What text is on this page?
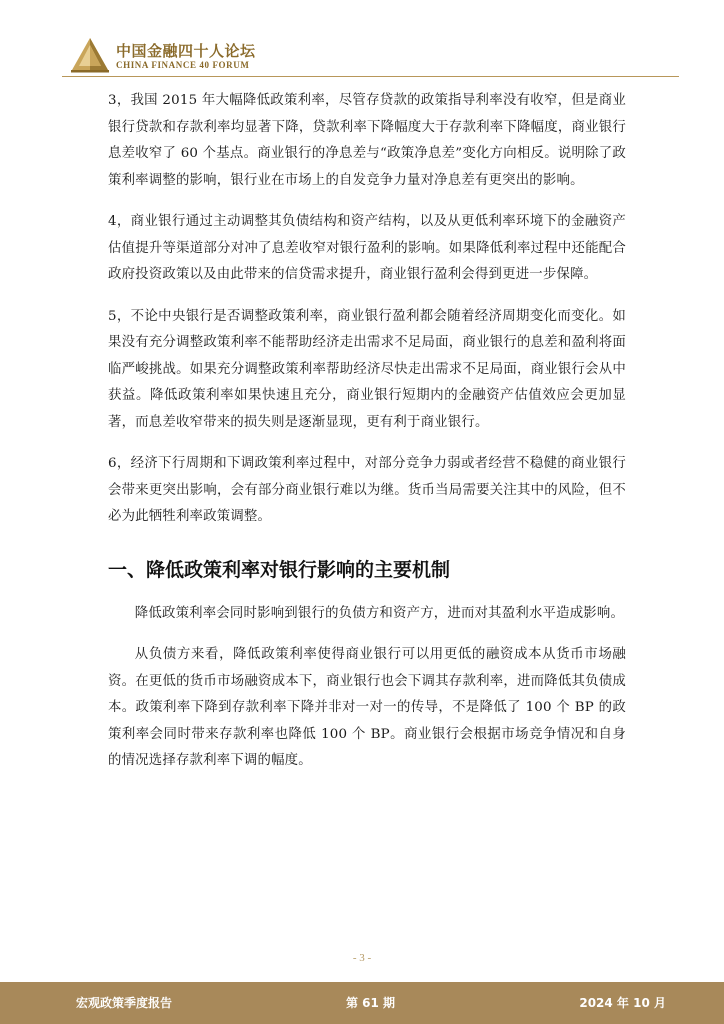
中国金融四十人论坛
CHINA FINANCE 40 FORUM

3，我国 2015 年大幅降低政策利率，尽管存贷款的政策指导利率没有收窄，但是商业银行贷款和存款利率均显著下降，贷款利率下降幅度大于存款利率下降幅度，商业银行息差收窄了 60 个基点。商业银行的净息差与“政策净息差”变化方向相反。说明除了政策利率调整的影响，银行业在市场上的自发竞争力量对净息差有更突出的影响。

4，商业银行通过主动调整其负债结构和资产结构，以及从更低利率环境下的金融资产估值提升等渠道部分对冲了息差收窄对银行盈利的影响。如果降低利率过程中还能配合政府投资政策以及由此带来的信贷需求提升，商业银行盈利会得到更进一步保障。

5，不论中央银行是否调整政策利率，商业银行盈利都会随着经济周期变化而变化。如果没有充分调整政策利率不能帮助经济走出需求不足局面，商业银行的息差和盈利将面临严峻挑战。如果充分调整政策利率帮助经济尽快走出需求不足局面，商业银行会从中获益。降低政策利率如果快速且充分，商业银行短期内的金融资产估值效应会更加显著，而息差收窄带来的损失则是逐渐显现，更有利于商业银行。

6，经济下行周期和下调政策利率过程中，对部分竞争力弱或者经营不稳健的商业银行会带来更突出影响，会有部分商业银行难以为继。货币当局需要关注其中的风险，但不必为此牺牲利率政策调整。

一、降低政策利率对银行影响的主要机制

降低政策利率会同时影响到银行的负债方和资产方，进而对其盈利水平造成影响。

从负债方来看，降低政策利率使得商业银行可以用更低的融资成本从货币市场融资。在更低的货币市场融资成本下，商业银行也会下调其存款利率，进而降低其负债成本。政策利率下降到存款利率下降并非对一对一的传导，不是降低了 100 个 BP 的政策利率会同时带来存款利率也降低 100 个 BP。商业银行会根据市场竞争情况和自身的情况选择存款利率下调的幅度。

- 3 -
宏观政策季度报告	第 61 期	2024 年 10 月
